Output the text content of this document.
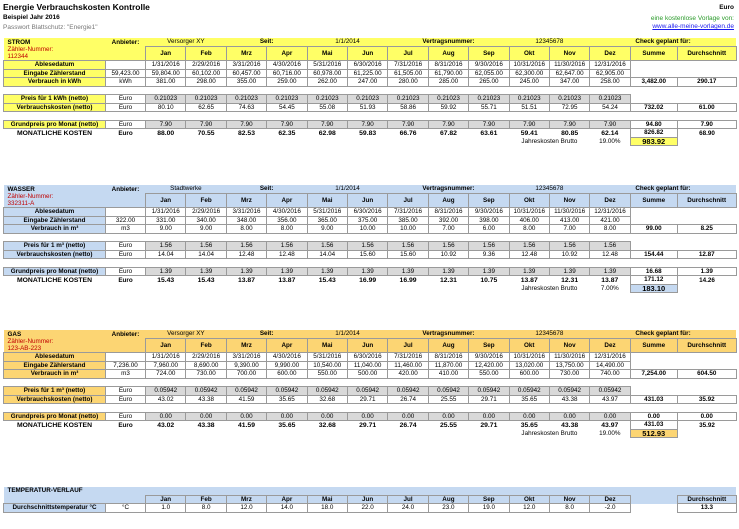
Energie Verbrauchskosten Kontrolle
Beispiel Jahr 2016
Passwort Blattschutz: "Energie1"
Euro
eine kostenlose Vorlage von:
www.alle-meine-vorlagen.de
STROM	Anbieter:	Versorger XY		Seit:		1/1/2014		Vertragsnummer:			12345678		Check geplant für:	
Zähler-Nummer:
112344		Jan	Feb	Mrz	Apr	Mai	Jun	Jul	Aug	Sep	Okt	Nov	Dez	Summe	Durchschnitt	
Ablesedatum		1/31/2016	2/29/2016	3/31/2016	4/30/2016	5/31/2016	6/30/2016	7/31/2016	8/31/2016	9/30/2016	10/31/2016	11/30/2016	12/31/2016			
Eingabe Zählerstand	59,423.00	59,804.00	60,102.00	60,457.00	60,716.00	60,978.00	61,225.00	61,505.00	61,790.00	62,055.00	62,300.00	62,647.00	62,905.00			
Verbrauch in kWh	kWh	381.00	298.00	355.00	259.00	262.00	247.00	280.00	285.00	265.00	245.00	347.00	258.00	3,482.00	290.17	

Preis für 1 kWh (netto)	Euro	0.21023	0.21023	0.21023	0.21023	0.21023	0.21023	0.21023	0.21023	0.21023	0.21023	0.21023	0.21023			
Verbrauchskosten (netto)	Euro	80.10	62.65	74.63	54.45	55.08	51.93	58.86	59.92	55.71	51.51	72.95	54.24	732.02	61.00	

Grundpreis pro Monat (netto)	Euro	7.90	7.90	7.90	7.90	7.90	7.90	7.90	7.90	7.90	7.90	7.90	7.90	94.80	7.90	
MONATLICHE KOSTEN	Euro	88.00	70.55	82.53	62.35	62.98	59.83	66.76	67.82	63.61	59.41	80.85	62.14	826.82	68.90	
											Jahreskosten Brutto		19.00%	983.92		
WASSER	Anbieter:	Stadtwerke		Seit:		1/1/2014		Vertragsnummer:			12345678		Check geplant für:	
Zähler-Nummer:
332311-A		Jan	Feb	Mrz	Apr	Mai	Jun	Jul	Aug	Sep	Okt	Nov	Dez	Summe	Durchschnitt	
Ablesedatum		1/31/2016	2/29/2016	3/31/2016	4/30/2016	5/31/2016	6/30/2016	7/31/2016	8/31/2016	9/30/2016	10/31/2016	11/30/2016	12/31/2016			
Eingabe Zählerstand	322.00	331.00	340.00	348.00	356.00	365.00	375.00	385.00	392.00	398.00	406.00	413.00	421.00			
Verbrauch in m³	m3	9.00	9.00	8.00	8.00	9.00	10.00	10.00	7.00	6.00	8.00	7.00	8.00	99.00	8.25	

Preis für 1 m³ (netto)	Euro	1.56	1.56	1.56	1.56	1.56	1.56	1.56	1.56	1.56	1.56	1.56	1.56			
Verbrauchskosten (netto)	Euro	14.04	14.04	12.48	12.48	14.04	15.60	15.60	10.92	9.36	12.48	10.92	12.48	154.44	12.87	

Grundpreis pro Monat (netto)	Euro	1.39	1.39	1.39	1.39	1.39	1.39	1.39	1.39	1.39	1.39	1.39	1.39	16.68	1.39	
MONATLICHE KOSTEN	Euro	15.43	15.43	13.87	13.87	15.43	16.99	16.99	12.31	10.75	13.87	12.31	13.87	171.12	14.26	
											Jahreskosten Brutto		7.00%	183.10		
GAS	Anbieter:	Versorger XY		Seit:		1/1/2014		Vertragsnummer:			12345678		Check geplant für:	
Zähler-Nummer:
123-AB-223		Jan	Feb	Mrz	Apr	Mai	Jun	Jul	Aug	Sep	Okt	Nov	Dez	Summe	Durchschnitt	
Ablesedatum		1/31/2016	2/29/2016	3/31/2016	4/30/2016	5/31/2016	6/30/2016	7/31/2016	8/31/2016	9/30/2016	10/31/2016	11/30/2016	12/31/2016			
Eingabe Zählerstand	7,236.00	7,960.00	8,690.00	9,390.00	9,990.00	10,540.00	11,040.00	11,460.00	11,870.00	12,420.00	13,020.00	13,750.00	14,490.00			
Verbrauch in m³	m3	724.00	730.00	700.00	600.00	550.00	500.00	420.00	410.00	550.00	600.00	730.00	740.00	7,254.00	604.50	

Preis für 1 m³ (netto)	Euro	0.05942	0.05942	0.05942	0.05942	0.05942	0.05942	0.05942	0.05942	0.05942	0.05942	0.05942	0.05942			
Verbrauchskosten (netto)	Euro	43.02	43.38	41.59	35.65	32.68	29.71	26.74	25.55	29.71	35.65	43.38	43.97	431.03	35.92	

Grundpreis pro Monat (netto)	Euro	0.00	0.00	0.00	0.00	0.00	0.00	0.00	0.00	0.00	0.00	0.00	0.00	0.00	0.00	
MONATLICHE KOSTEN	Euro	43.02	43.38	41.59	35.65	32.68	29.71	26.74	25.55	29.71	35.65	43.38	43.97	431.03	35.92	
											Jahreskosten Brutto		19.00%	512.93		
TEMPERATUR-VERLAUF															
		Jan	Feb	Mrz	Apr	Mai	Jun	Jul	Aug	Sep	Okt	Nov	Dez		Durchschnitt
Durchschnittstemperatur °C	°C	1.0	8.0	12.0	14.0	18.0	22.0	24.0	23.0	19.0	12.0	8.0	-2.0		13.3
